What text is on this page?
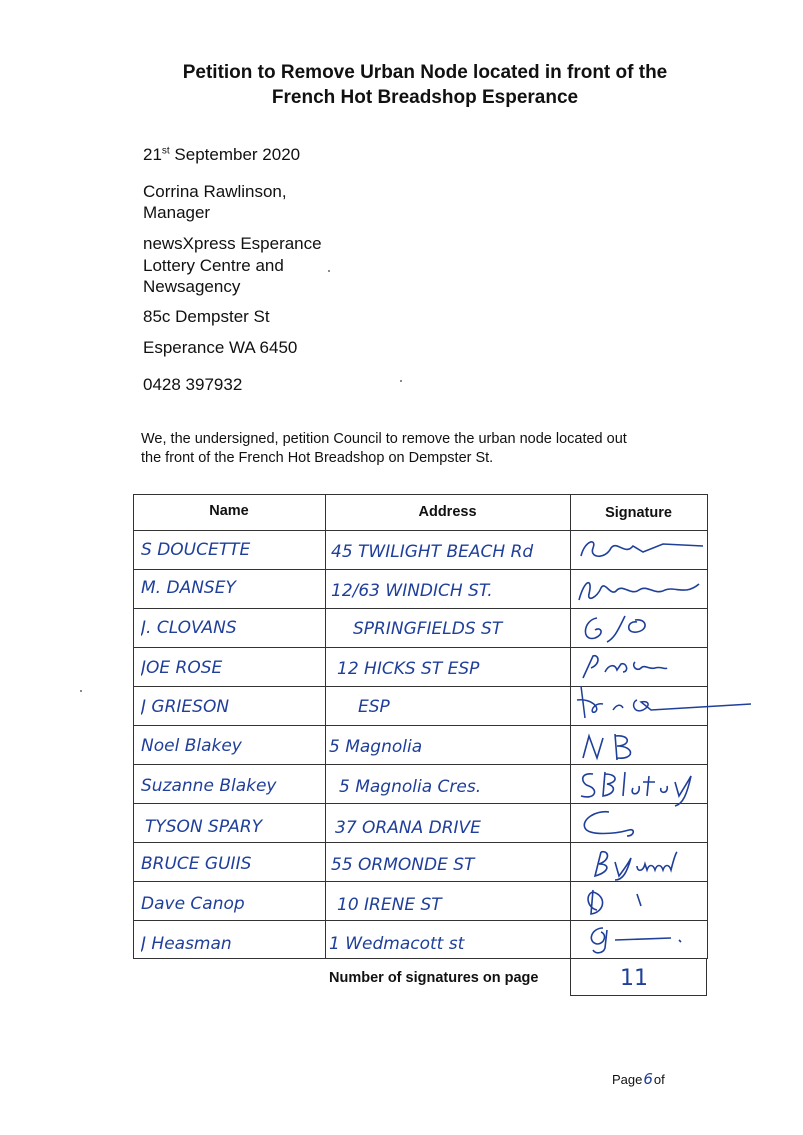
Petition to Remove Urban Node located in front of the
French Hot Breadshop Esperance
21st September 2020
Corrina Rawlinson,
Manager
newsXpress Esperance
Lottery Centre and
Newsagency
85c Dempster St
Esperance WA 6450
0428 397932
We, the undersigned, petition Council to remove the urban node located out
the front of the French Hot Breadshop on Dempster St.
Name	Address	Signature
S DOUCETTE	45 TWILIGHT BEACH Rd
M. DANSEY	12/63 WINDICH ST.
J. CLOVANS	SPRINGFIELDS ST
JOE ROSE	12 HICKS ST ESP
J GRIESON	ESP
Noel Blakey	5 Magnolia
Suzanne Blakey	5 Magnolia Cres.
TYSON SPARY	37 ORANA DRIVE
BRUCE GUIIS	55 ORMONDE ST
Dave Canop	10 IRENE ST
J Heasman	1 Wedmacott st
Number of signatures on page	11
Page6of
